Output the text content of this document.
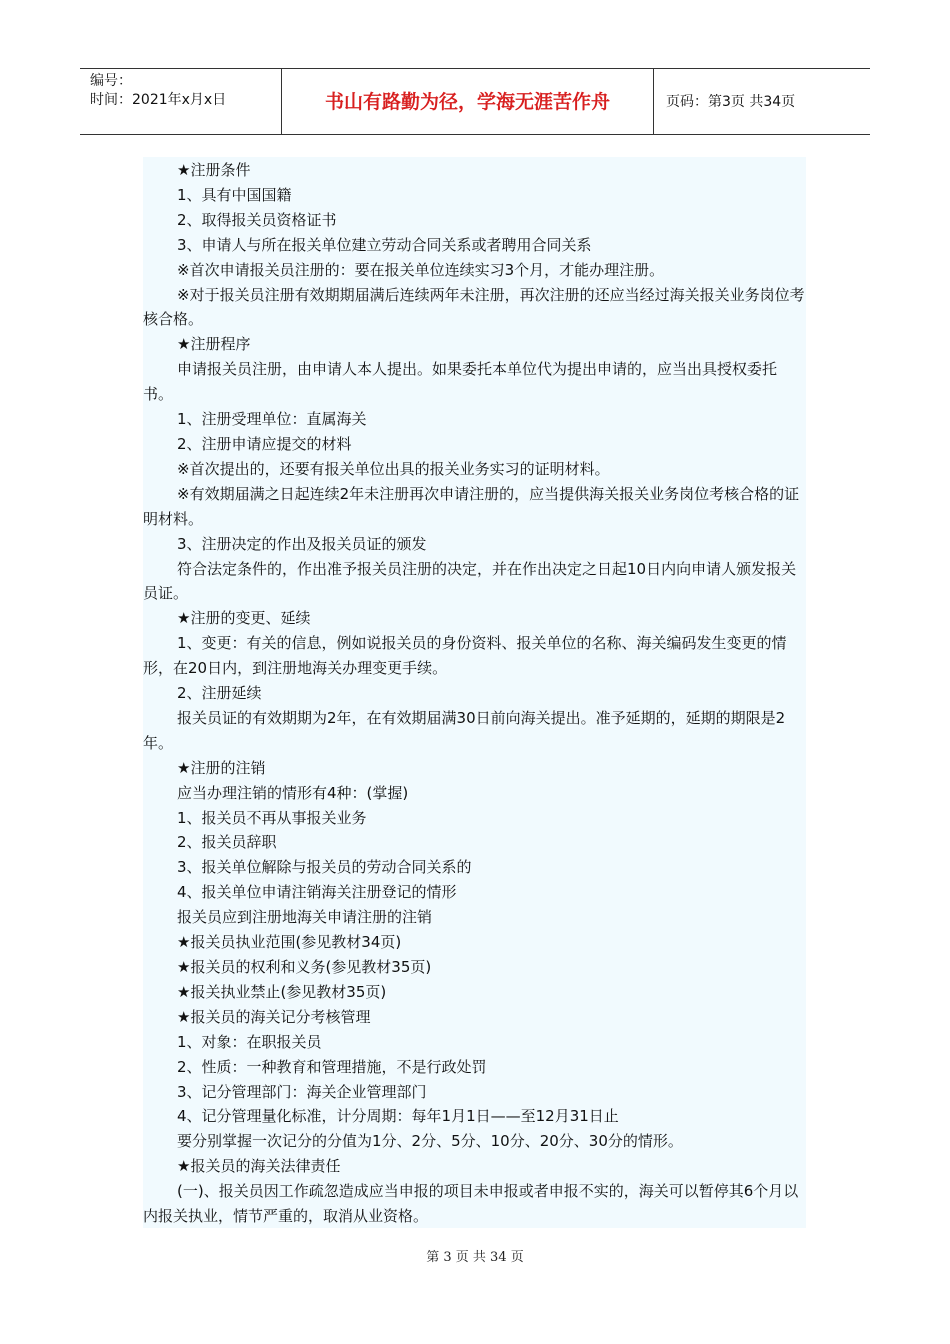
编号：
时间：2021年x月x日	书山有路勤为径，学海无涯苦作舟	页码：第3页 共34页

★注册条件

1、具有中国国籍

2、取得报关员资格证书

3、申请人与所在报关单位建立劳动合同关系或者聘用合同关系

※首次申请报关员注册的：要在报关单位连续实习3个月，才能办理注册。

※对于报关员注册有效期期届满后连续两年未注册，再次注册的还应当经过海关报关业务岗位考核合格。

★注册程序

申请报关员注册，由申请人本人提出。如果委托本单位代为提出申请的，应当出具授权委托书。

1、注册受理单位：直属海关

2、注册申请应提交的材料

※首次提出的，还要有报关单位出具的报关业务实习的证明材料。

※有效期届满之日起连续2年未注册再次申请注册的，应当提供海关报关业务岗位考核合格的证明材料。

3、注册决定的作出及报关员证的颁发

符合法定条件的，作出准予报关员注册的决定，并在作出决定之日起10日内向申请人颁发报关员证。

★注册的变更、延续

1、变更：有关的信息，例如说报关员的身份资料、报关单位的名称、海关编码发生变更的情形，在20日内，到注册地海关办理变更手续。

2、注册延续

报关员证的有效期期为2年，在有效期届满30日前向海关提出。准予延期的，延期的期限是2年。

★注册的注销

应当办理注销的情形有4种：(掌握)

1、报关员不再从事报关业务

2、报关员辞职

3、报关单位解除与报关员的劳动合同关系的

4、报关单位申请注销海关注册登记的情形

报关员应到注册地海关申请注册的注销

★报关员执业范围(参见教材34页)

★报关员的权利和义务(参见教材35页)

★报关执业禁止(参见教材35页)

★报关员的海关记分考核管理

1、对象：在职报关员

2、性质：一种教育和管理措施，不是行政处罚

3、记分管理部门：海关企业管理部门

4、记分管理量化标准，计分周期：每年1月1日——至12月31日止

要分别掌握一次记分的分值为1分、2分、5分、10分、20分、30分的情形。

★报关员的海关法律责任

(一)、报关员因工作疏忽造成应当申报的项目未申报或者申报不实的，海关可以暂停其6个月以内报关执业，情节严重的，取消从业资格。

第 3 页 共 34 页
